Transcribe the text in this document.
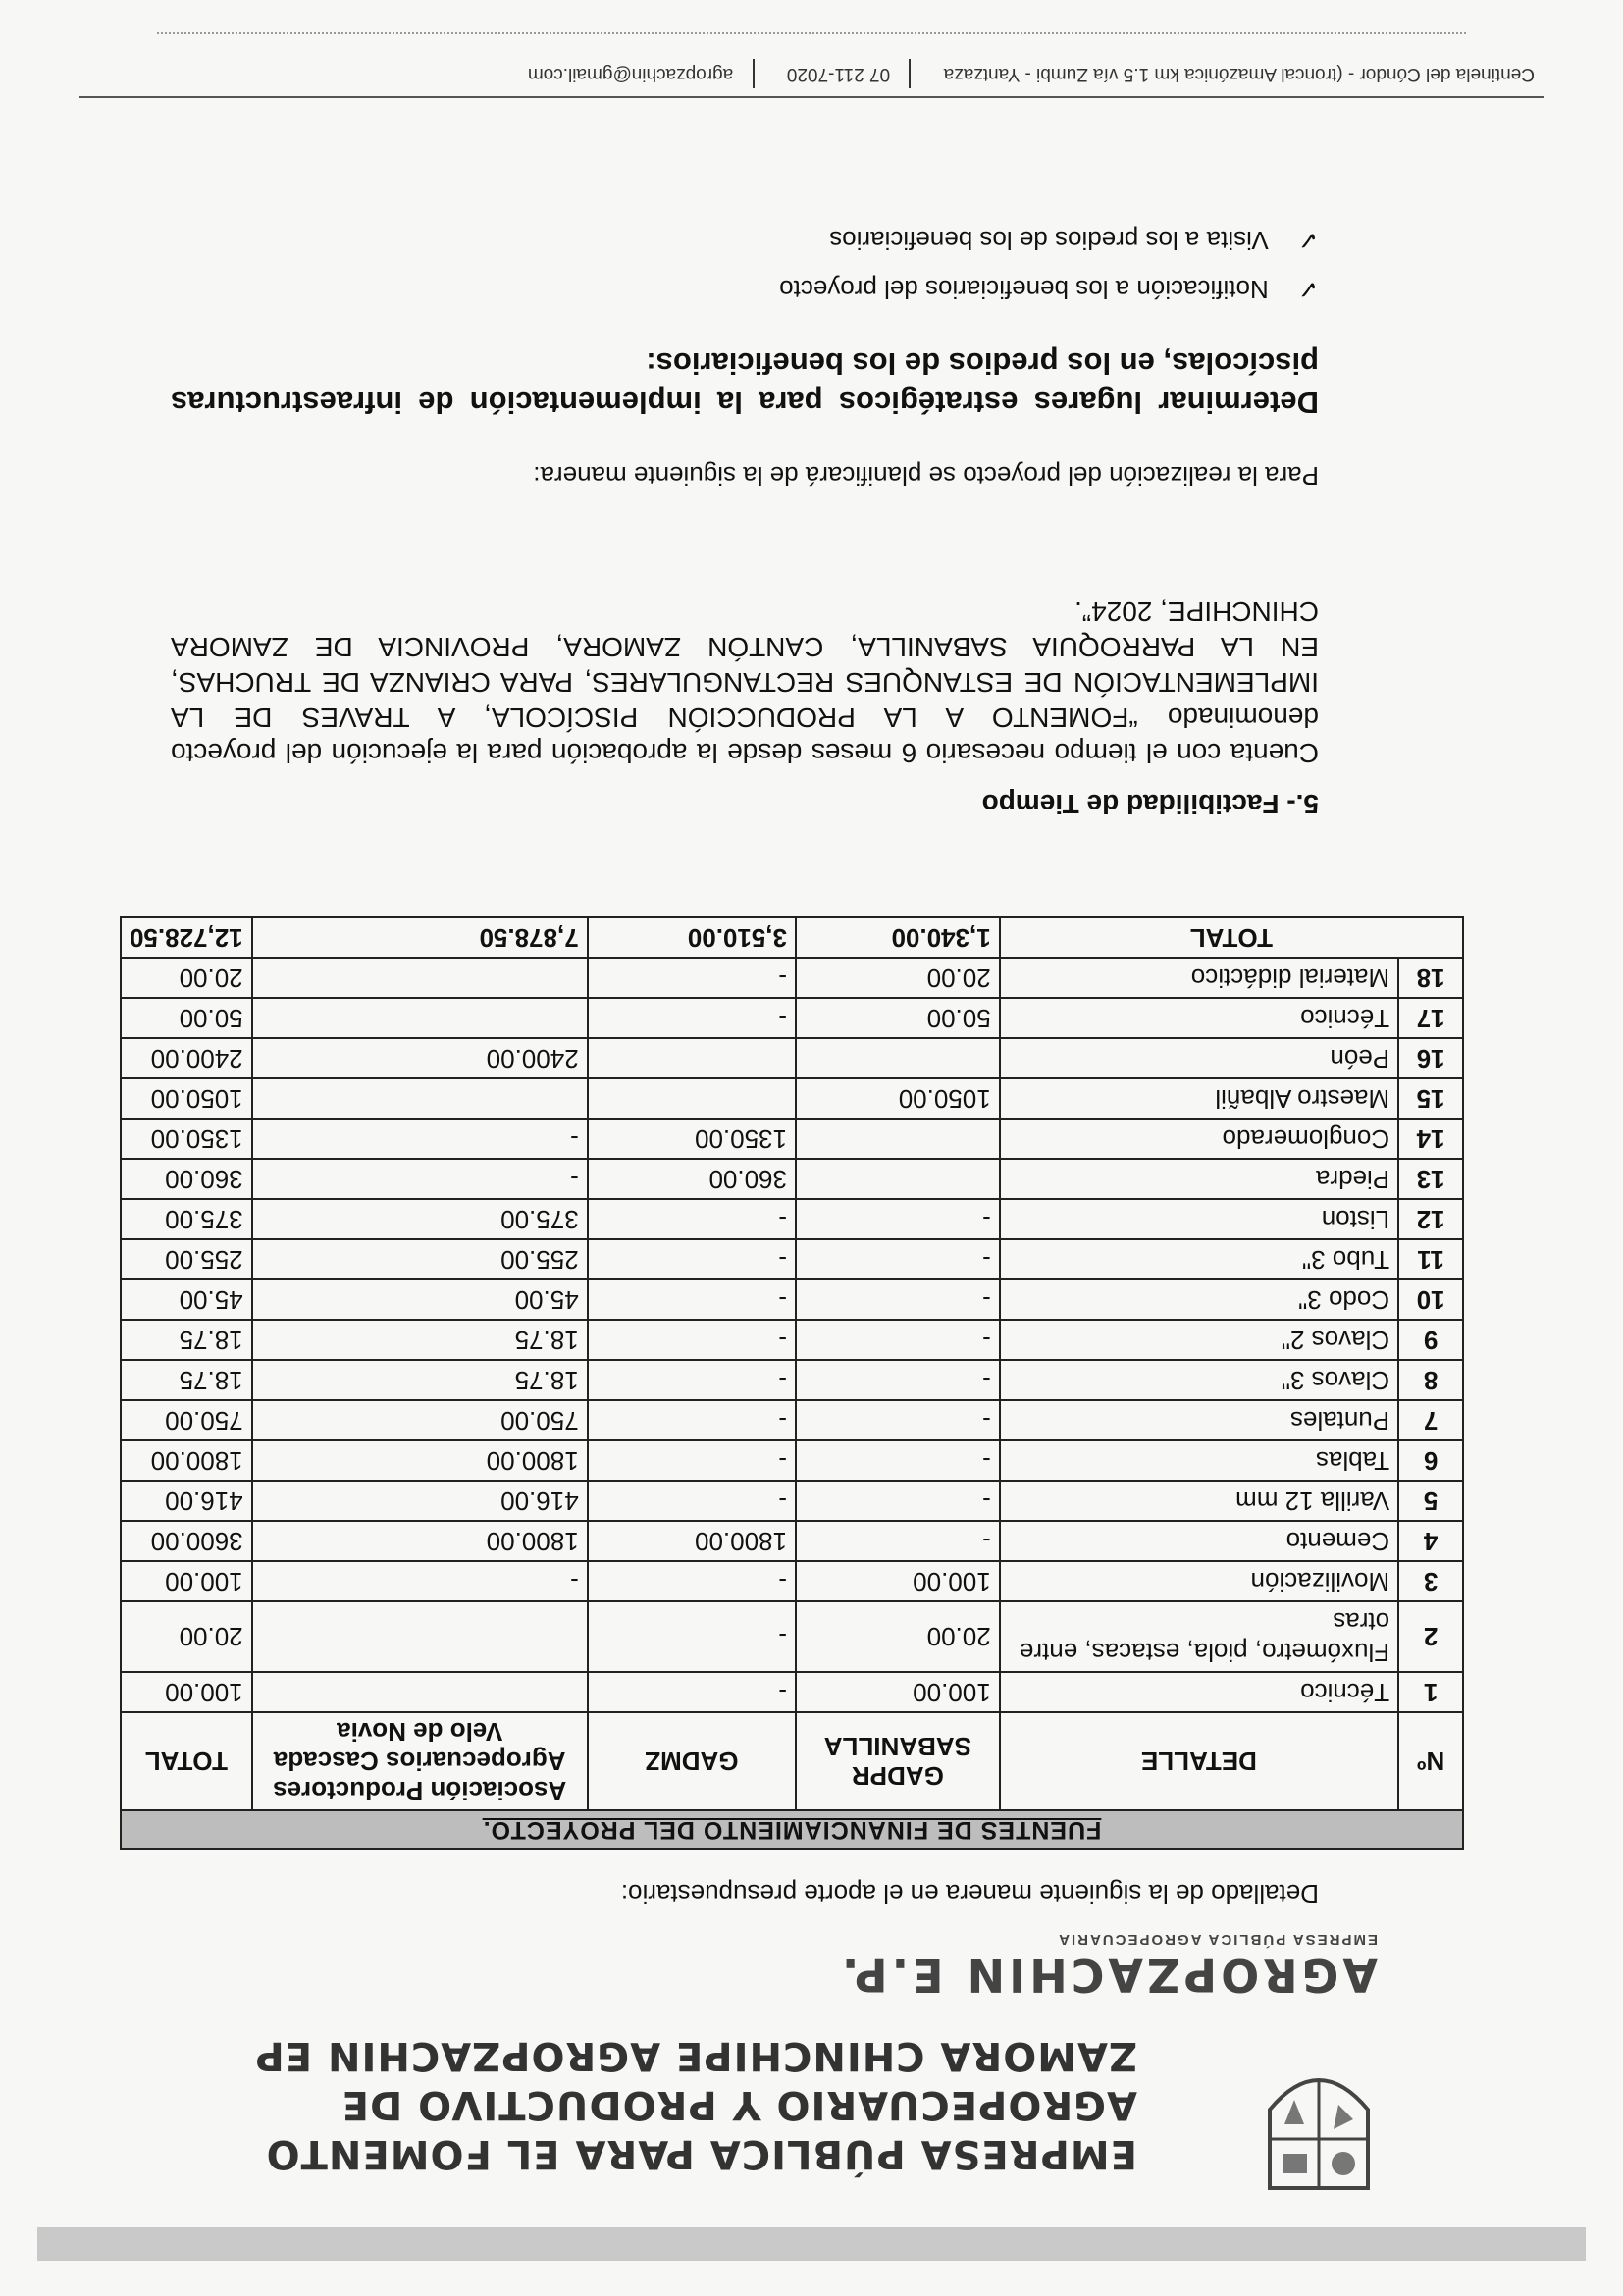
EMPRESA PÚBLICA PARA EL FOMENTO AGROPECUARIO Y PRODUCTIVO DE ZAMORA CHINCHIPE AGROPZACHIN EP
AGROPZACHIN E.P.
EMPRESA PÚBLICA AGROPECUARIA
Detallado de la siguiente manera en el aporte presupuestario:
FUENTES DE FINANCIAMIENTO DEL PROYECTO.					
Nº	DETALLE	GADPR SABANILLA	GADMZ	Asociación Productores Agropecuarios Cascada Velo de Novia	TOTAL
1	Técnico	100.00	-		100.00
2	Fluxómetro, piola, estacas, entre otras	20.00	-		20.00
3	Movilización	100.00	-	-	100.00
4	Cemento	-	1800.00	1800.00	3600.00
5	Varilla 12 mm	-	-	416.00	416.00
6	Tablas	-	-	1800.00	1800.00
7	Puntales	-	-	750.00	750.00
8	Clavos 3"	-	-	18.75	18.75
9	Clavos 2"	-	-	18.75	18.75
10	Codo 3"	-	-	45.00	45.00
11	Tubo 3"	-	-	255.00	255.00
12	Liston	-	-	375.00	375.00
13	Piedra		360.00	-	360.00
14	Conglomerado		1350.00	-	1350.00
15	Maestro Albañil	1050.00			1050.00
16	Peón			2400.00	2400.00
17	Técnico	50.00	-		50.00
18	Material didáctico	20.00	-		20.00
TOTAL		1,340.00	3,510.00	7,878.50	12,728.50
5.- Factibilidad de Tiempo
Cuenta con el tiempo necesario 6 meses desde la aprobación para la ejecución del proyecto denominado “FOMENTO A LA PRODUCCIÓN PISCÍCOLA, A TRAVES DE LA IMPLEMENTACIÓN DE ESTANQUES RECTANGULARES, PARA CRIANZA DE TRUCHAS, EN LA PARROQUIA SABANILLA, CANTÓN ZAMORA, PROVINCIA DE ZAMORA CHINCHIPE, 2024”.
Para la realización del proyecto se planificará de la siguiente manera:
Determinar lugares estratégicos para la implementación de infraestructuras piscícolas, en los predios de los beneficiarios:
✓ Notificación a los beneficiarios del proyecto
✓ Visita a los predios de los beneficiarios
Centinela del Cóndor - (troncal Amazónica km 1.5 vía Zumbi - Yantzaza  07 211-7020  agropzachin@gmail.com
